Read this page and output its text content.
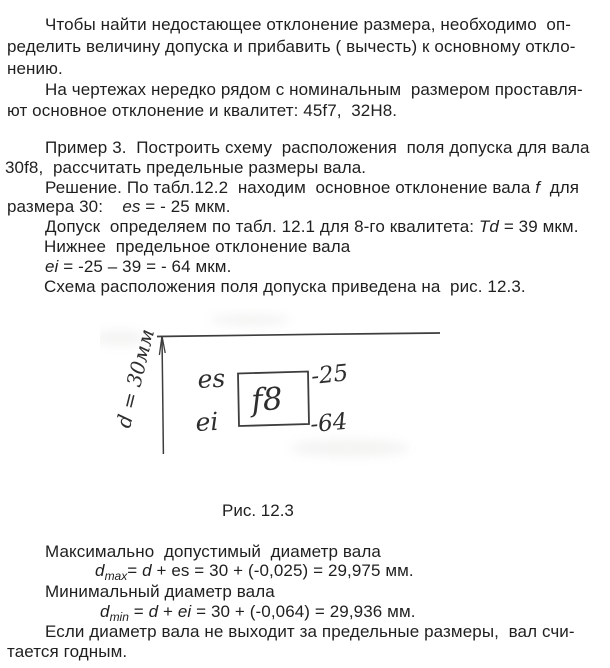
Чтобы найти недостающее отклонение размера, необходимо  оп-
ределить величину допуска и прибавить ( вычесть) к основному откло-
нению.
На чертежах нередко рядом с номинальным  размером проставля-
ют основное отклонение и квалитет: 45f7,  32H8.
Пример 3.  Построить схему  расположения  поля допуска для вала
30f8,  рассчитать предельные размеры вала.
Решение. По табл.12.2  находим  основное отклонение вала f  для
размера 30:    es = - 25 мкм.
Допуск  определяем по табл. 12.1 для 8-го квалитета: Td = 39 мкм.
Нижнее  предельное отклонение вала
ei = -25 – 39 = - 64 мкм.
Схема расположения поля допуска приведена на  рис. 12.3.
es
ei
f8
-25
-64
d = 30мм
Рис. 12.3
Максимально  допустимый  диаметр вала
$d_{max}= d$ + es = 30 + (-0,025) = 29,975 мм.
Минимальный диаметр вала
$d_{min} = d$ + ei = 30 + (-0,064) = 29,936 мм.
Если диаметр вала не выходит за предельные размеры,  вал счи-
тается годным.
